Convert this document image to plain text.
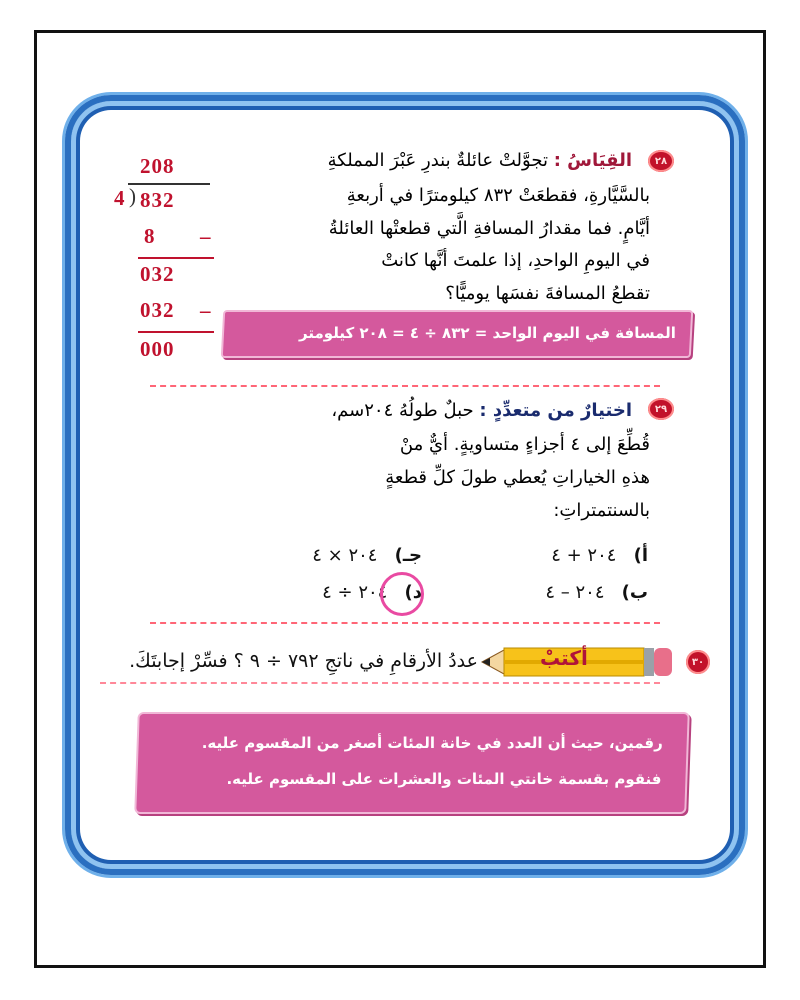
٢٨
القِيَاسُ : تجوَّلتْ عائلةٌ بندرِ عَبْرَ المملكةِ
بالسَّيَّارةِ، فقطعَتْ ٨٣٢ كيلومترًا في أربعةِ
أيَّامٍ. فما مقدارُ المسافةِ الَّتي قطعتْها العائلةُ
في اليومِ الواحدِ، إذا علمتَ أنَّها كانتْ
تقطعُ المسافةَ نفسَها يوميًّا؟
208
4 ) 832
8 –
032
032 –
000
المسافة في اليوم الواحد = ٨٣٢ ÷ ٤ = ٢٠٨ كيلومتر
٢٩
اختيارٌ من متعدِّدٍ : حبلٌ طولُهُ ٢٠٤سم،
قُطِّعَ إلى ٤ أجزاءٍ متساويةٍ. أيٌّ منْ
هذهِ الخياراتِ يُعطي طولَ كلِّ قطعةٍ
بالسنتمتراتِ:
أ)   ٢٠٤ + ٤
ب)   ٢٠٤ – ٤
جـ)   ٢٠٤ × ٤
د)   ٢٠٤ ÷ ٤
٣٠
أكتبْ
عددُ الأرقامِ في ناتجِ ٧٩٢ ÷ ٩ ؟ فسِّرْ إجابتَكَ.
رقمين، حيث أن العدد في خانة المئات أصغر من المقسوم عليه.
فنقوم بقسمة خانتي المئات والعشرات على المقسوم عليه.
